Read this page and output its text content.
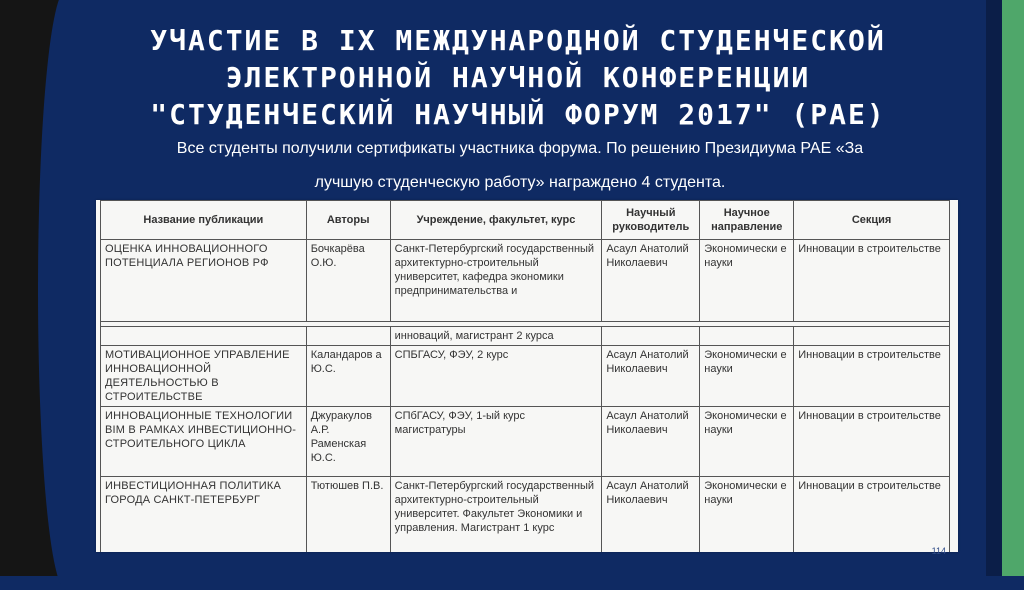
УЧАСТИЕ В IX МЕЖДУНАРОДНОЙ СТУДЕНЧЕСКОЙ
ЭЛЕКТРОННОЙ НАУЧНОЙ КОНФЕРЕНЦИИ
"СТУДЕНЧЕСКИЙ НАУЧНЫЙ ФОРУМ 2017" (РАЕ)
Все студенты получили сертификаты участника форума. По решению Президиума РАЕ «За
лучшую студенческую работу» награждено 4 студента.
Название публикации	Авторы	Учреждение, факультет, курс	Научный руководитель	Научное направление	Секция
ОЦЕНКА ИННОВАЦИОННОГО ПОТЕНЦИАЛА РЕГИОНОВ РФ	Бочкарёва О.Ю.	Санкт-Петербургский государственный архитектурно-строительный университет, кафедра экономики предпринимательства и	Асаул Анатолий Николаевич	Экономически е науки	Инновации в строительстве

		инноваций, магистрант 2 курса			
МОТИВАЦИОННОЕ УПРАВЛЕНИЕ ИННОВАЦИОННОЙ ДЕЯТЕЛЬНОСТЬЮ В СТРОИТЕЛЬСТВЕ	Каландаров а Ю.С.	СПБГАСУ, ФЭУ, 2 курс	Асаул Анатолий Николаевич	Экономически е науки	Инновации в строительстве
ИННОВАЦИОННЫЕ ТЕХНОЛОГИИ BIM В РАМКАХ ИНВЕСТИЦИОННО-СТРОИТЕЛЬНОГО ЦИКЛА	Джуракулов А.Р. Раменская Ю.С.	СПбГАСУ, ФЭУ, 1-ый курс магистратуры	Асаул Анатолий Николаевич	Экономически е науки	Инновации в строительстве
ИНВЕСТИЦИОННАЯ ПОЛИТИКА ГОРОДА САНКТ-ПЕТЕРБУРГ	Тютюшев П.В.	Санкт-Петербургский государственный архитектурно-строительный университет. Факультет Экономики и управления. Магистрант 1 курс	Асаул Анатолий Николаевич	Экономически е науки	Инновации в строительстве
114
